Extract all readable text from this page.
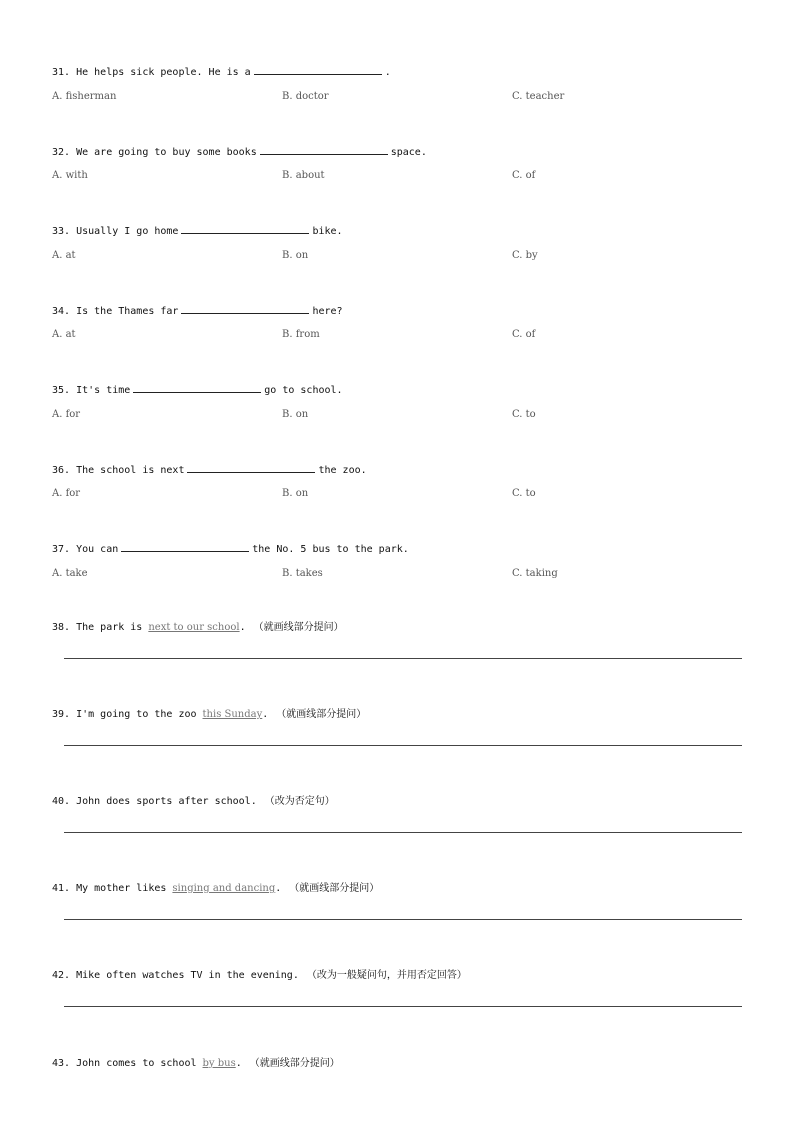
31. He helps sick people. He is a	.
A. fisherman	B. doctor	C. teacher
32. We are going to buy some books	space.
A. with	B. about	C. of
33. Usually I go home	bike.
A. at	B. on	C. by
34. Is the Thames far	here?
A. at	B. from	C. of
35. It's time	go to school.
A. for	B. on	C. to
36. The school is next	the zoo.
A. for	B. on	C. to
37. You can	the No. 5 bus to the park.
A. take	B. takes	C. taking
38. The park is next to our school. （就画线部分提问）
39. I'm going to the zoo this Sunday. （就画线部分提问）
40. John does sports after school. （改为否定句）
41. My mother likes singing and dancing. （就画线部分提问）
42. Mike often watches TV in the evening. （改为一般疑问句，并用否定回答）
43. John comes to school by bus. （就画线部分提问）
